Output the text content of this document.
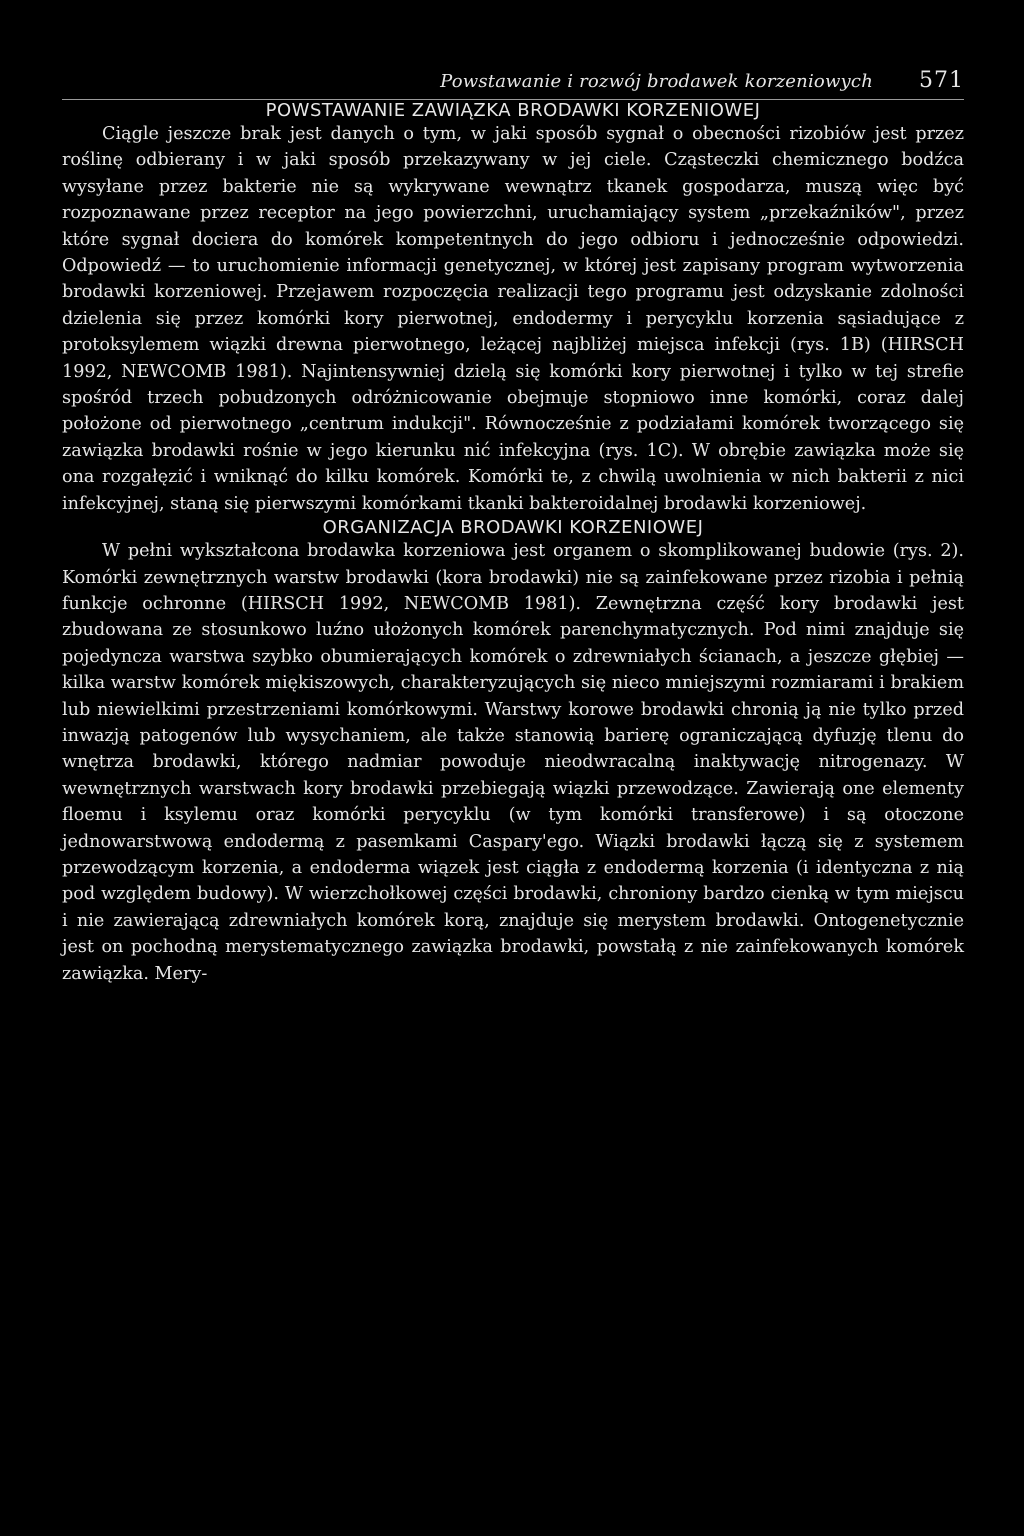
Powstawanie i rozwój brodawek korzeniowych 571
POWSTAWANIE ZAWIĄZKA BRODAWKI KORZENIOWEJ

Ciągle jeszcze brak jest danych o tym, w jaki sposób sygnał o obecności rizobiów jest przez roślinę odbierany i w jaki sposób przekazywany w jej ciele. Cząsteczki chemicznego bodźca wysyłane przez bakterie nie są wykrywane wewnątrz tkanek gospodarza, muszą więc być rozpoznawane przez receptor na jego powierzchni, uruchamiający system „przekaźników", przez które sygnał dociera do komórek kompetentnych do jego odbioru i jednocześnie odpowiedzi. Odpowiedź — to uruchomienie informacji genetycznej, w której jest zapisany program wytworzenia brodawki korzeniowej. Przejawem rozpoczęcia realizacji tego programu jest odzyskanie zdolności dzielenia się przez komórki kory pierwotnej, endodermy i perycyklu korzenia sąsiadujące z protoksylemem wiązki drewna pierwotnego, leżącej najbliżej miejsca infekcji (rys. 1B) (HIRSCH 1992, NEWCOMB 1981). Najintensywniej dzielą się komórki kory pierwotnej i tylko w tej strefie spośród trzech pobudzonych odróżnicowanie obejmuje stopniowo inne komórki, coraz dalej położone od pierwotnego „centrum indukcji". Równocześnie z podziałami komórek tworzącego się zawiązka brodawki rośnie w jego kierunku nić infekcyjna (rys. 1C). W obrębie zawiązka może się ona rozgałęzić i wniknąć do kilku komórek. Komórki te, z chwilą uwolnienia w nich bakterii z nici infekcyjnej, staną się pierwszymi komórkami tkanki bakteroidalnej brodawki korzeniowej.

ORGANIZACJA BRODAWKI KORZENIOWEJ

W pełni wykształcona brodawka korzeniowa jest organem o skomplikowanej budowie (rys. 2). Komórki zewnętrznych warstw brodawki (kora brodawki) nie są zainfekowane przez rizobia i pełnią funkcje ochronne (HIRSCH 1992, NEWCOMB 1981). Zewnętrzna część kory brodawki jest zbudowana ze stosunkowo luźno ułożonych komórek parenchymatycznych. Pod nimi znajduje się pojedyncza warstwa szybko obumierających komórek o zdrewniałych ścianach, a jeszcze głębiej — kilka warstw komórek miękiszowych, charakteryzujących się nieco mniejszymi rozmiarami i brakiem lub niewielkimi przestrzeniami komórkowymi. Warstwy korowe brodawki chronią ją nie tylko przed inwazją patogenów lub wysychaniem, ale także stanowią barierę ograniczającą dyfuzję tlenu do wnętrza brodawki, którego nadmiar powoduje nieodwracalną inaktywację nitrogenazy. W wewnętrznych warstwach kory brodawki przebiegają wiązki przewodzące. Zawierają one elementy floemu i ksylemu oraz komórki perycyklu (w tym komórki transferowe) i są otoczone jednowarstwową endodermą z pasemkami Caspary'ego. Wiązki brodawki łączą się z systemem przewodzącym korzenia, a endoderma wiązek jest ciągła z endodermą korzenia (i identyczna z nią pod względem budowy). W wierzchołkowej części brodawki, chroniony bardzo cienką w tym miejscu i nie zawierającą zdrewniałych komórek korą, znajduje się merystem brodawki. Ontogenetycznie jest on pochodną merystematycznego zawiązka brodawki, powstałą z nie zainfekowanych komórek zawiązka. Mery-
